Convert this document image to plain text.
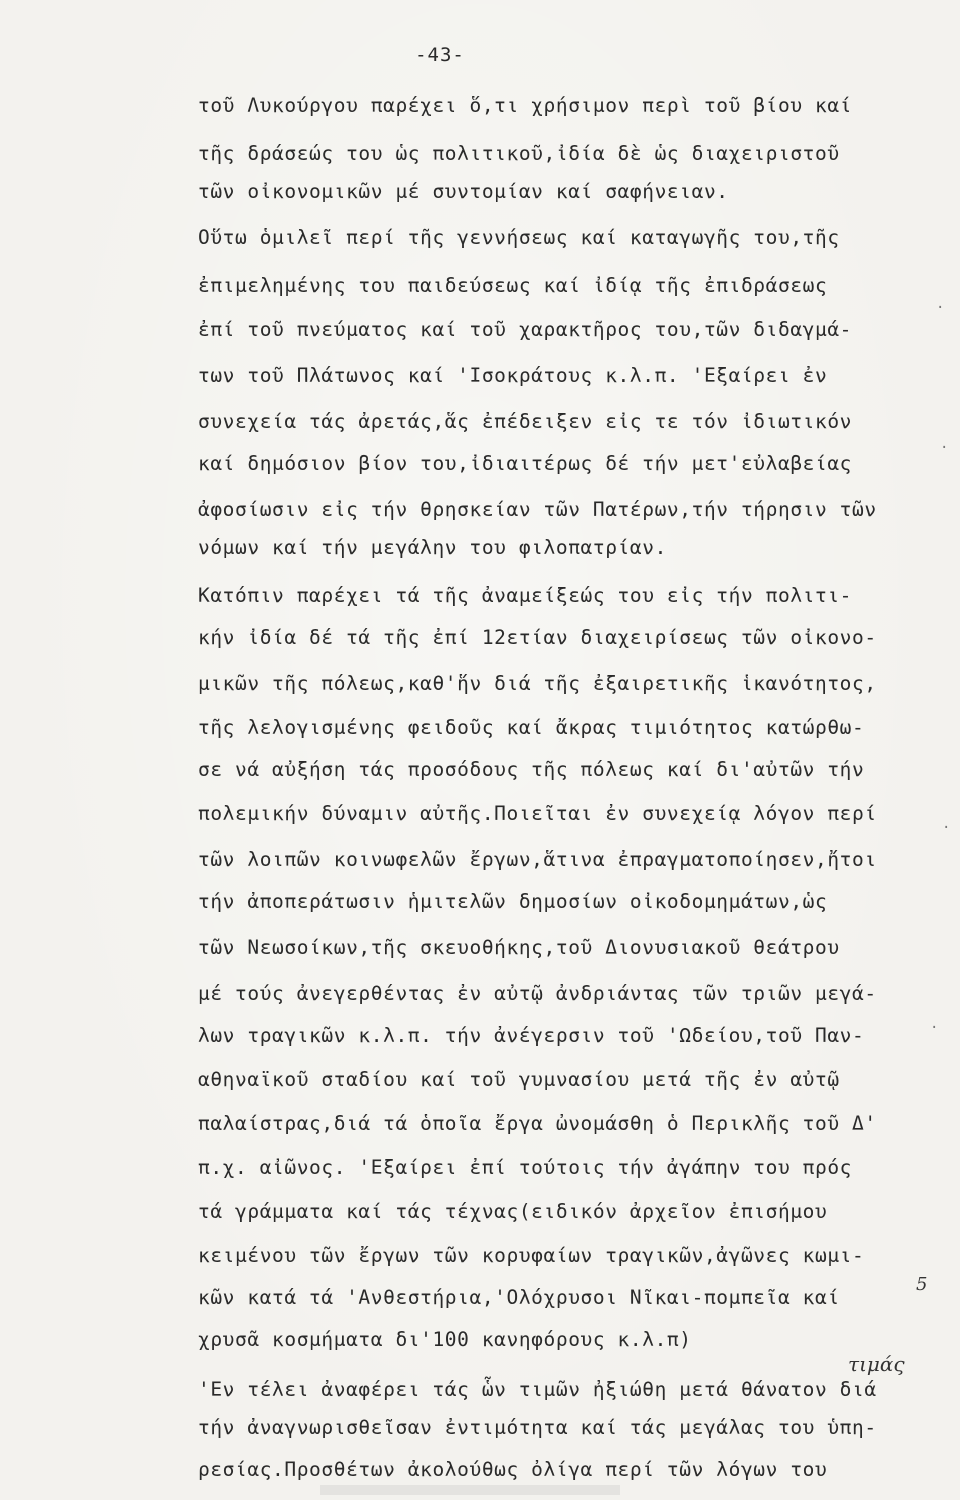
-43-
τοῦ Λυκούργου παρέχει ὅ,τι χρήσιμον περὶ τοῦ βίου καί
τῆς δράσεώς του ὡς πολιτικοῦ,ἰδία δὲ ὡς διαχειριστοῦ
τῶν οἰκονομικῶν μέ συντομίαν καί σαφήνειαν.
Οὕτω ὁμιλεῖ περί τῆς γεννήσεως καί καταγωγῆς του,τῆς
ἐπιμελημένης του παιδεύσεως καί ἰδίᾳ τῆς ἐπιδράσεως
ἐπί τοῦ πνεύματος καί τοῦ χαρακτῆρος του,τῶν διδαγμά-
των τοῦ Πλάτωνος καί 'Ισοκράτους κ.λ.π. 'Εξαίρει ἐν
συνεχεία τάς ἀρετάς,ἅς ἐπέδειξεν εἰς τε τόν ἰδιωτικόν
καί δημόσιον βίον του,ἰδιαιτέρως δέ τήν μετ'εὐλαβείας
ἀφοσίωσιν εἰς τήν θρησκείαν τῶν Πατέρων,τήν τήρησιν τῶν
νόμων καί τήν μεγάλην του φιλοπατρίαν.
Κατόπιν παρέχει τά τῆς ἀναμείξεώς του εἰς τήν πολιτι-
κήν ἰδία δέ τά τῆς ἐπί 12ετίαν διαχειρίσεως τῶν οἰκονο-
μικῶν τῆς πόλεως,καθ'ἥν διά τῆς ἐξαιρετικῆς ἱκανότητος,
τῆς λελογισμένης φειδοῦς καί ἄκρας τιμιότητος κατώρθω-
σε νά αὐξήση τάς προσόδους τῆς πόλεως καί δι'αὐτῶν τήν
πολεμικήν δύναμιν αὐτῆς.Ποιεῖται ἐν συνεχείᾳ λόγον περί
τῶν λοιπῶν κοινωφελῶν ἔργων,ἅτινα ἐπραγματοποίησεν,ἤτοι
τήν ἀποπεράτωσιν ἡμιτελῶν δημοσίων οἰκοδομημάτων,ὡς
τῶν Νεωσοίκων,τῆς σκευοθήκης,τοῦ Διονυσιακοῦ θεάτρου
μέ τούς ἀνεγερθέντας ἐν αὐτῷ ἀνδριάντας τῶν τριῶν μεγά-
λων τραγικῶν κ.λ.π. τήν ἀνέγερσιν τοῦ 'Ωδείου,τοῦ Παν-
αθηναϊκοῦ σταδίου καί τοῦ γυμνασίου μετά τῆς ἐν αὐτῷ
παλαίστρας,διά τά ὁποῖα ἔργα ὠνομάσθη ὁ Περικλῆς τοῦ Δ'
π.χ. αἰῶνος. 'Εξαίρει ἐπί τούτοις τήν ἀγάπην του πρός
τά γράμματα καί τάς τέχνας(ειδικόν ἀρχεῖον ἐπισήμου
κειμένου τῶν ἔργων τῶν κορυφαίων τραγικῶν,ἀγῶνες κωμι-
κῶν κατά τά 'Ανθεστήρια,'Ολόχρυσοι Νῖκαι-πομπεῖα καί
χρυσᾶ κοσμήματα δι'100 κανηφόρους κ.λ.π)
'Εν τέλει ἀναφέρει τάς ὧν τιμῶν ἠξιώθη μετά θάνατον διά
τήν ἀναγνωρισθεῖσαν ἐντιμότητα καί τάς μεγάλας του ὑπη-
ρεσίας.Προσθέτων ἀκολούθως ὀλίγα περί τῶν λόγων του
τιμάς
5
·
·
·
·
